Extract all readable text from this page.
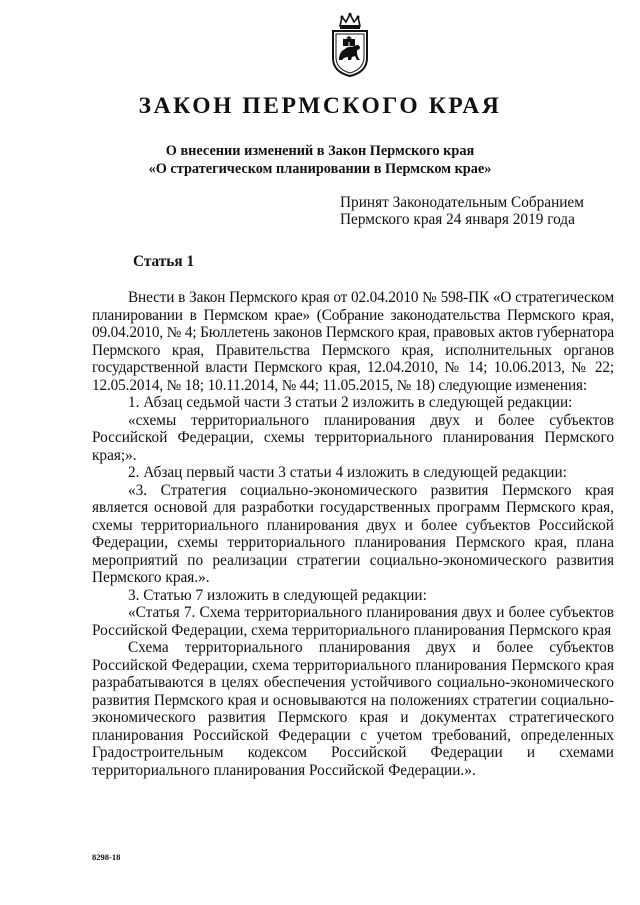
ЗАКОН ПЕРМСКОГО КРАЯ
О внесении изменений в Закон Пермского края
«О стратегическом планировании в Пермском крае»
Принят Законодательным Собранием
Пермского края 24 января 2019 года
Статья 1

Внести в Закон Пермского края от 02.04.2010 № 598-ПК «О стратегическом планировании в Пермском крае» (Собрание законодательства Пермского края, 09.04.2010, № 4; Бюллетень законов Пермского края, правовых актов губернатора Пермского края, Правительства Пермского края, исполнительных органов государственной власти Пермского края, 12.04.2010, № 14; 10.06.2013, № 22; 12.05.2014, № 18; 10.11.2014, № 44; 11.05.2015, № 18) следующие изменения:

1. Абзац седьмой части 3 статьи 2 изложить в следующей редакции:

«схемы территориального планирования двух и более субъектов Российской Федерации, схемы территориального планирования Пермского края;».

2. Абзац первый части 3 статьи 4 изложить в следующей редакции:

«3. Стратегия социально-экономического развития Пермского края является основой для разработки государственных программ Пермского края, схемы территориального планирования двух и более субъектов Российской Федерации, схемы территориального планирования Пермского края, плана мероприятий по реализации стратегии социально-экономического развития Пермского края.».

3. Статью 7 изложить в следующей редакции:

«Статья 7. Схема территориального планирования двух и более субъектов Российской Федерации, схема территориального планирования Пермского края

Схема территориального планирования двух и более субъектов Российской Федерации, схема территориального планирования Пермского края разрабатываются в целях обеспечения устойчивого социально-экономического развития Пермского края и основываются на положениях стратегии социально-экономического развития Пермского края и документах стратегического планирования Российской Федерации с учетом требований, определенных Градостроительным кодексом Российской Федерации и схемами территориального планирования Российской Федерации.».

8298-18
